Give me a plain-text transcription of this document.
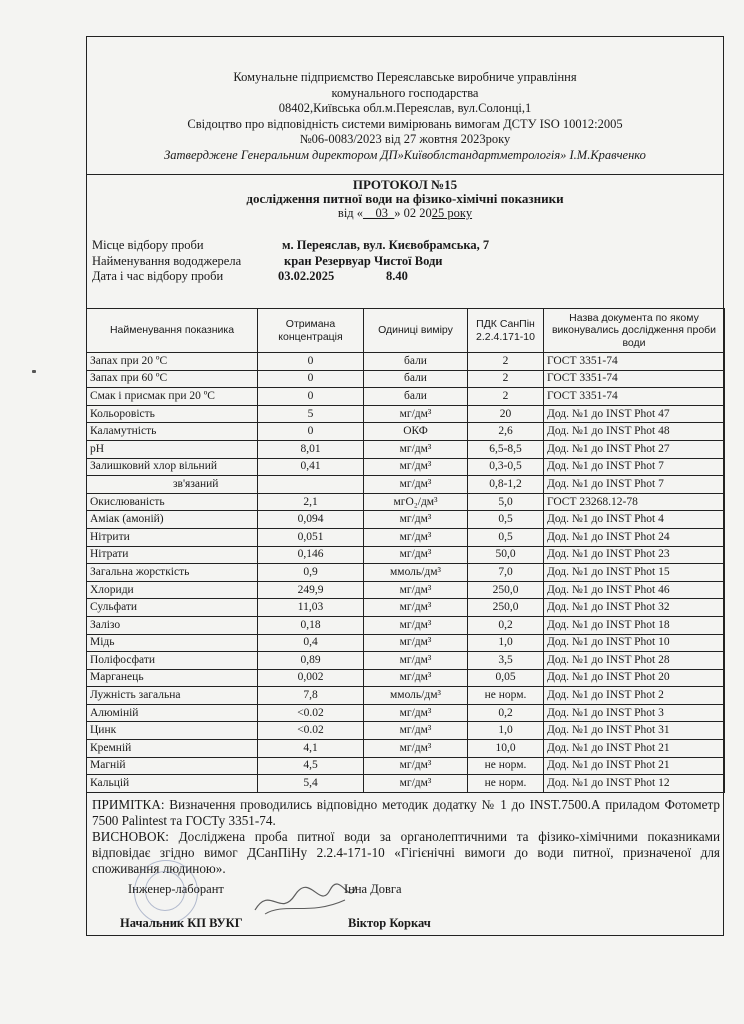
Комунальне підприємство Переяславське виробниче управління
комунального господарства
08402,Київська обл.м.Переяслав, вул.Солонці,1
Свідоцтво про відповідність системи вимірювань вимогам ДСТУ ISO 10012:2005
№06-0083/2023 від 27 жовтня 2023року
Затверджене Генеральним директором ДП»Київоблстандартметрологія» І.М.Кравченко
ПРОТОКОЛ №15
дослідження питної води на фізико-хімічні показники
від «__03_» 02 2025 року
Місце відбору проби	м. Переяслав, вул. Києвобрамська, 7
Найменування вододжерела	кран Резервуар Чистої Води
Дата і час відбору проби	03.02.2025	8.40
Найменування показника	Отримана концентрація	Одиниці виміру	ПДК СанПін 2.2.4.171-10	Назва документа по якому виконувались дослідження проби води
Запах при 20 ºС	0	бали	2	ГОСТ 3351-74
Запах при 60 ºС	0	бали	2	ГОСТ 3351-74
Смак і присмак при 20 ºС	0	бали	2	ГОСТ 3351-74
Кольоровість	5	мг/дм³	20	Дод. №1 до INST Phot 47
Каламутність	0	ОКФ	2,6	Дод. №1 до INST Phot 48
pH	8,01	мг/дм³	6,5-8,5	Дод. №1 до INST Phot 27
Залишковий хлор вільний	0,41	мг/дм³	0,3-0,5	Дод. №1 до INST Phot 7
зв'язаний		мг/дм³	0,8-1,2	Дод. №1 до INST Phot 7
Окислюваність	2,1	мгО₂/дм³	5,0	ГОСТ 23268.12-78
Аміак (амоній)	0,094	мг/дм³	0,5	Дод. №1 до INST Phot 4
Нітрити	0,051	мг/дм³	0,5	Дод. №1 до INST Phot 24
Нітрати	0,146	мг/дм³	50,0	Дод. №1 до INST Phot 23
Загальна жорсткість	0,9	ммоль/дм³	7,0	Дод. №1 до INST Phot 15
Хлориди	249,9	мг/дм³	250,0	Дод. №1 до INST Phot 46
Сульфати	11,03	мг/дм³	250,0	Дод. №1 до INST Phot 32
Залізо	0,18	мг/дм³	0,2	Дод. №1 до INST Phot 18
Мідь	0,4	мг/дм³	1,0	Дод. №1 до INST Phot 10
Поліфосфати	0,89	мг/дм³	3,5	Дод. №1 до INST Phot 28
Марганець	0,002	мг/дм³	0,05	Дод. №1 до INST Phot 20
Лужність загальна	7,8	ммоль/дм³	не норм.	Дод. №1 до INST Phot 2
Алюміній	<0.02	мг/дм³	0,2	Дод. №1 до INST Phot 3
Цинк	<0.02	мг/дм³	1,0	Дод. №1 до INST Phot 31
Кремній	4,1	мг/дм³	10,0	Дод. №1 до INST Phot 21
Магній	4,5	мг/дм³	не норм.	Дод. №1 до INST Phot 21
Кальцій	5,4	мг/дм³	не норм.	Дод. №1 до INST Phot 12

ПРИМІТКА: Визначення проводились відповідно методик додатку № 1 до INST.7500.А приладом Фотометр 7500 Palintest та ГОСТу 3351-74.

ВИСНОВОК: Досліджена проба питної води за органолептичними та фізико-хімічними показниками відповідає згідно вимог ДСанПіНу 2.2.4-171-10 «Гігієнічні вимоги до води питної, призначеної для споживання людиною».

Інженер-лаборант	Інна Довга
Начальник КП ВУКГ	Віктор Коркач
